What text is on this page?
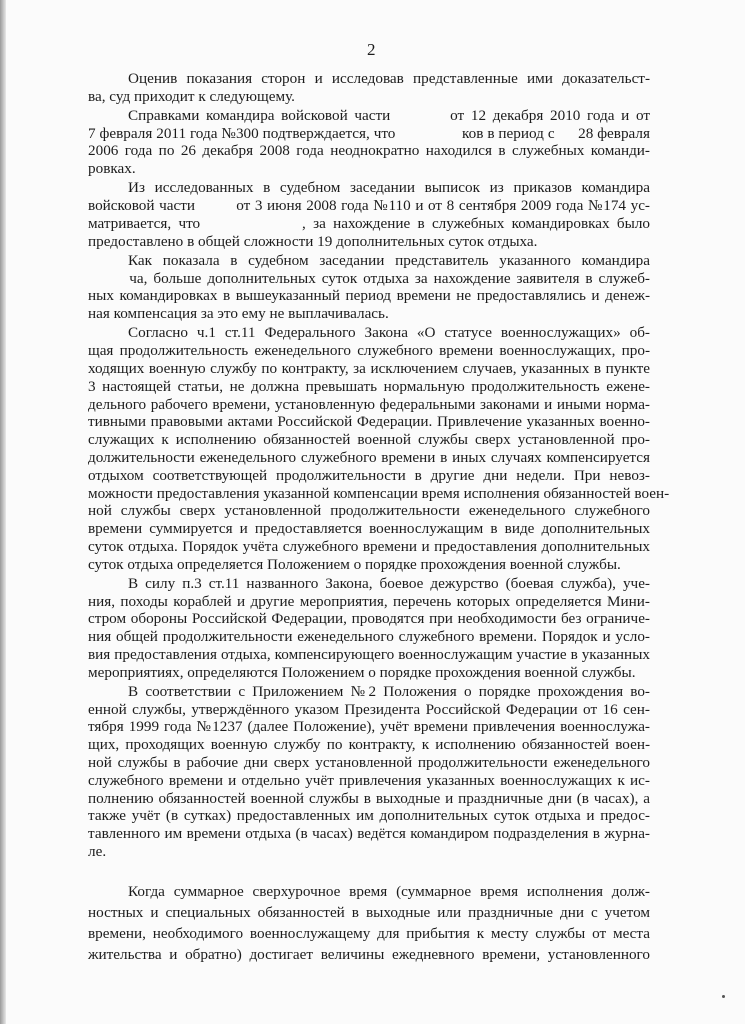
2
Оценив показания сторон и исследовав представленные ими доказательст-
ва, суд приходит к следующему.
Справками командира войсковой части         от 12 декабря 2010 года и от
7 февраля 2011 года №300 подтверждается, что                 ков в период с      28 февраля
2006 года по 26 декабря 2008 года неоднократно находился в служебных команди-
ровках.
Из исследованных в судебном заседании выписок из приказов командира
войсковой части         от 3 июня 2008 года №110 и от 8 сентября 2009 года №174 ус-
матривается, что              , за нахождение в служебных командировках было
предоставлено в общей сложности 19 дополнительных суток отдыха.
Как показала в судебном заседании представитель указанного командира
ча, больше дополнительных суток отдыха за нахождение заявителя в служеб-
ных командировках в вышеуказанный период времени не предоставлялись и денеж-
ная компенсация за это ему не выплачивалась.
Согласно ч.1 ст.11 Федерального Закона «О статусе военнослужащих» об-
щая продолжительность еженедельного служебного времени военнослужащих, про-
ходящих военную службу по контракту, за исключением случаев, указанных в пункте
3 настоящей статьи, не должна превышать нормальную продолжительность ежене-
дельного рабочего времени, установленную федеральными законами и иными норма-
тивными правовыми актами Российской Федерации. Привлечение указанных военно-
служащих к исполнению обязанностей военной службы сверх установленной про-
должительности еженедельного служебного времени в иных случаях компенсируется
отдыхом соответствующей продолжительности в другие дни недели. При невоз-
можности предоставления указанной компенсации время исполнения обязанностей воен-
ной службы сверх установленной продолжительности еженедельного служебного
времени суммируется и предоставляется военнослужащим в виде дополнительных
суток отдыха. Порядок учёта служебного времени и предоставления дополнительных
суток отдыха определяется Положением о порядке прохождения военной службы.
В силу п.3 ст.11 названного Закона, боевое дежурство (боевая служба), уче-
ния, походы кораблей и другие мероприятия, перечень которых определяется Мини-
стром обороны Российской Федерации, проводятся при необходимости без ограниче-
ния общей продолжительности еженедельного служебного времени. Порядок и усло-
вия предоставления отдыха, компенсирующего военнослужащим участие в указанных
мероприятиях, определяются Положением о порядке прохождения военной службы.
В соответствии с Приложением №2 Положения о порядке прохождения во-
енной службы, утверждённого указом Президента Российской Федерации от 16 сен-
тября 1999 года №1237 (далее Положение), учёт времени привлечения военнослужа-
щих, проходящих военную службу по контракту, к исполнению обязанностей воен-
ной службы в рабочие дни сверх установленной продолжительности еженедельного
служебного времени и отдельно учёт привлечения указанных военнослужащих к ис-
полнению обязанностей военной службы в выходные и праздничные дни (в часах), а
также учёт (в сутках) предоставленных им дополнительных суток отдыха и предос-
тавленного им времени отдыха (в часах) ведётся командиром подразделения в журна-
ле.
Когда суммарное сверхурочное время (суммарное время исполнения долж-
ностных и специальных обязанностей в выходные или праздничные дни с учетом
времени, необходимого военнослужащему для прибытия к месту службы от места
жительства и обратно) достигает величины ежедневного времени, установленного
